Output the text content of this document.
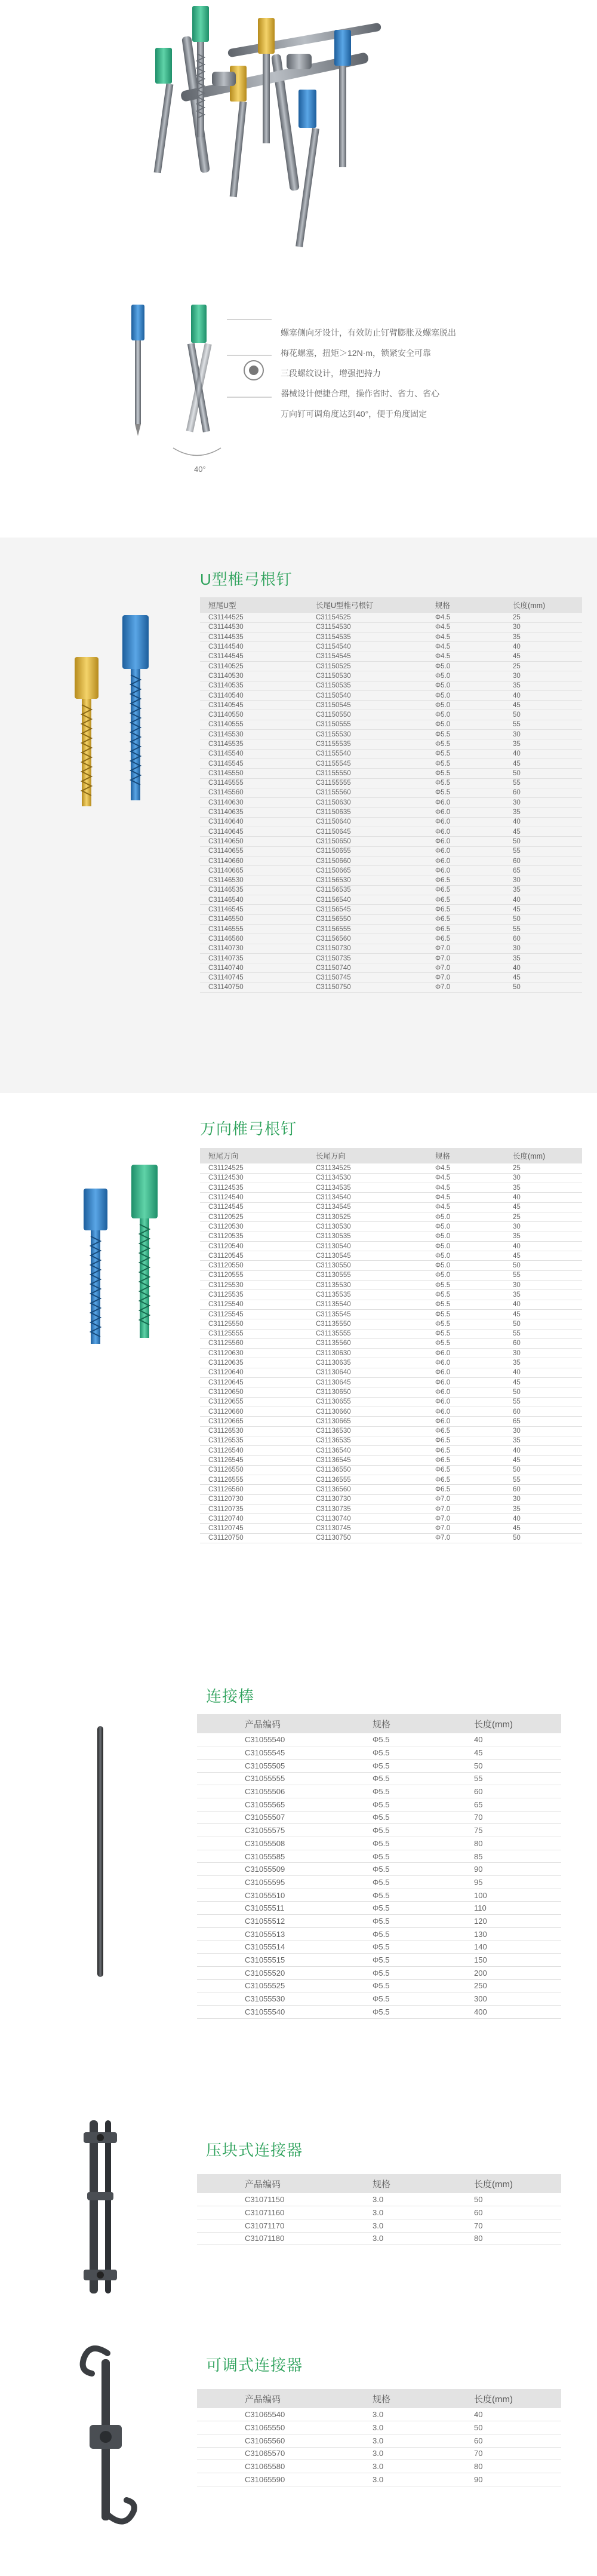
螺塞侧向牙设计，有效防止钉臂膨胀及螺塞脱出
梅花螺塞，扭矩＞12N·m，锁紧安全可靠
三段螺纹设计，增强把持力
器械设计便捷合理，操作省时、省力、省心
万向钉可调角度达到40°，便于角度固定
40°
U型椎弓根钉
短尾U型	长尾U型椎弓根钉	规格	长度(mm)
C31144525	C31154525	Φ4.5	25
C31144530	C31154530	Φ4.5	30
C31144535	C31154535	Φ4.5	35
C31144540	C31154540	Φ4.5	40
C31144545	C31154545	Φ4.5	45
C31140525	C31150525	Φ5.0	25
C31140530	C31150530	Φ5.0	30
C31140535	C31150535	Φ5.0	35
C31140540	C31150540	Φ5.0	40
C31140545	C31150545	Φ5.0	45
C31140550	C31150550	Φ5.0	50
C31140555	C31150555	Φ5.0	55
C31145530	C31155530	Φ5.5	30
C31145535	C31155535	Φ5.5	35
C31145540	C31155540	Φ5.5	40
C31145545	C31155545	Φ5.5	45
C31145550	C31155550	Φ5.5	50
C31145555	C31155555	Φ5.5	55
C31145560	C31155560	Φ5.5	60
C31140630	C31150630	Φ6.0	30
C31140635	C31150635	Φ6.0	35
C31140640	C31150640	Φ6.0	40
C31140645	C31150645	Φ6.0	45
C31140650	C31150650	Φ6.0	50
C31140655	C31150655	Φ6.0	55
C31140660	C31150660	Φ6.0	60
C31140665	C31150665	Φ6.0	65
C31146530	C31156530	Φ6.5	30
C31146535	C31156535	Φ6.5	35
C31146540	C31156540	Φ6.5	40
C31146545	C31156545	Φ6.5	45
C31146550	C31156550	Φ6.5	50
C31146555	C31156555	Φ6.5	55
C31146560	C31156560	Φ6.5	60
C31140730	C31150730	Φ7.0	30
C31140735	C31150735	Φ7.0	35
C31140740	C31150740	Φ7.0	40
C31140745	C31150745	Φ7.0	45
C31140750	C31150750	Φ7.0	50
万向椎弓根钉
短尾万向	长尾万向	规格	长度(mm)
C31124525	C31134525	Φ4.5	25
C31124530	C31134530	Φ4.5	30
C31124535	C31134535	Φ4.5	35
C31124540	C31134540	Φ4.5	40
C31124545	C31134545	Φ4.5	45
C31120525	C31130525	Φ5.0	25
C31120530	C31130530	Φ5.0	30
C31120535	C31130535	Φ5.0	35
C31120540	C31130540	Φ5.0	40
C31120545	C31130545	Φ5.0	45
C31120550	C31130550	Φ5.0	50
C31120555	C31130555	Φ5.0	55
C31125530	C31135530	Φ5.5	30
C31125535	C31135535	Φ5.5	35
C31125540	C31135540	Φ5.5	40
C31125545	C31135545	Φ5.5	45
C31125550	C31135550	Φ5.5	50
C31125555	C31135555	Φ5.5	55
C31125560	C31135560	Φ5.5	60
C31120630	C31130630	Φ6.0	30
C31120635	C31130635	Φ6.0	35
C31120640	C31130640	Φ6.0	40
C31120645	C31130645	Φ6.0	45
C31120650	C31130650	Φ6.0	50
C31120655	C31130655	Φ6.0	55
C31120660	C31130660	Φ6.0	60
C31120665	C31130665	Φ6.0	65
C31126530	C31136530	Φ6.5	30
C31126535	C31136535	Φ6.5	35
C31126540	C31136540	Φ6.5	40
C31126545	C31136545	Φ6.5	45
C31126550	C31136550	Φ6.5	50
C31126555	C31136555	Φ6.5	55
C31126560	C31136560	Φ6.5	60
C31120730	C31130730	Φ7.0	30
C31120735	C31130735	Φ7.0	35
C31120740	C31130740	Φ7.0	40
C31120745	C31130745	Φ7.0	45
C31120750	C31130750	Φ7.0	50
连接棒
产品编码	规格	长度(mm)
C31055540	Φ5.5	40
C31055545	Φ5.5	45
C31055505	Φ5.5	50
C31055555	Φ5.5	55
C31055506	Φ5.5	60
C31055565	Φ5.5	65
C31055507	Φ5.5	70
C31055575	Φ5.5	75
C31055508	Φ5.5	80
C31055585	Φ5.5	85
C31055509	Φ5.5	90
C31055595	Φ5.5	95
C31055510	Φ5.5	100
C31055511	Φ5.5	110
C31055512	Φ5.5	120
C31055513	Φ5.5	130
C31055514	Φ5.5	140
C31055515	Φ5.5	150
C31055520	Φ5.5	200
C31055525	Φ5.5	250
C31055530	Φ5.5	300
C31055540	Φ5.5	400
压块式连接器
产品编码	规格	长度(mm)
C31071150	3.0	50
C31071160	3.0	60
C31071170	3.0	70
C31071180	3.0	80
可调式连接器
产品编码	规格	长度(mm)
C31065540	3.0	40
C31065550	3.0	50
C31065560	3.0	60
C31065570	3.0	70
C31065580	3.0	80
C31065590	3.0	90
